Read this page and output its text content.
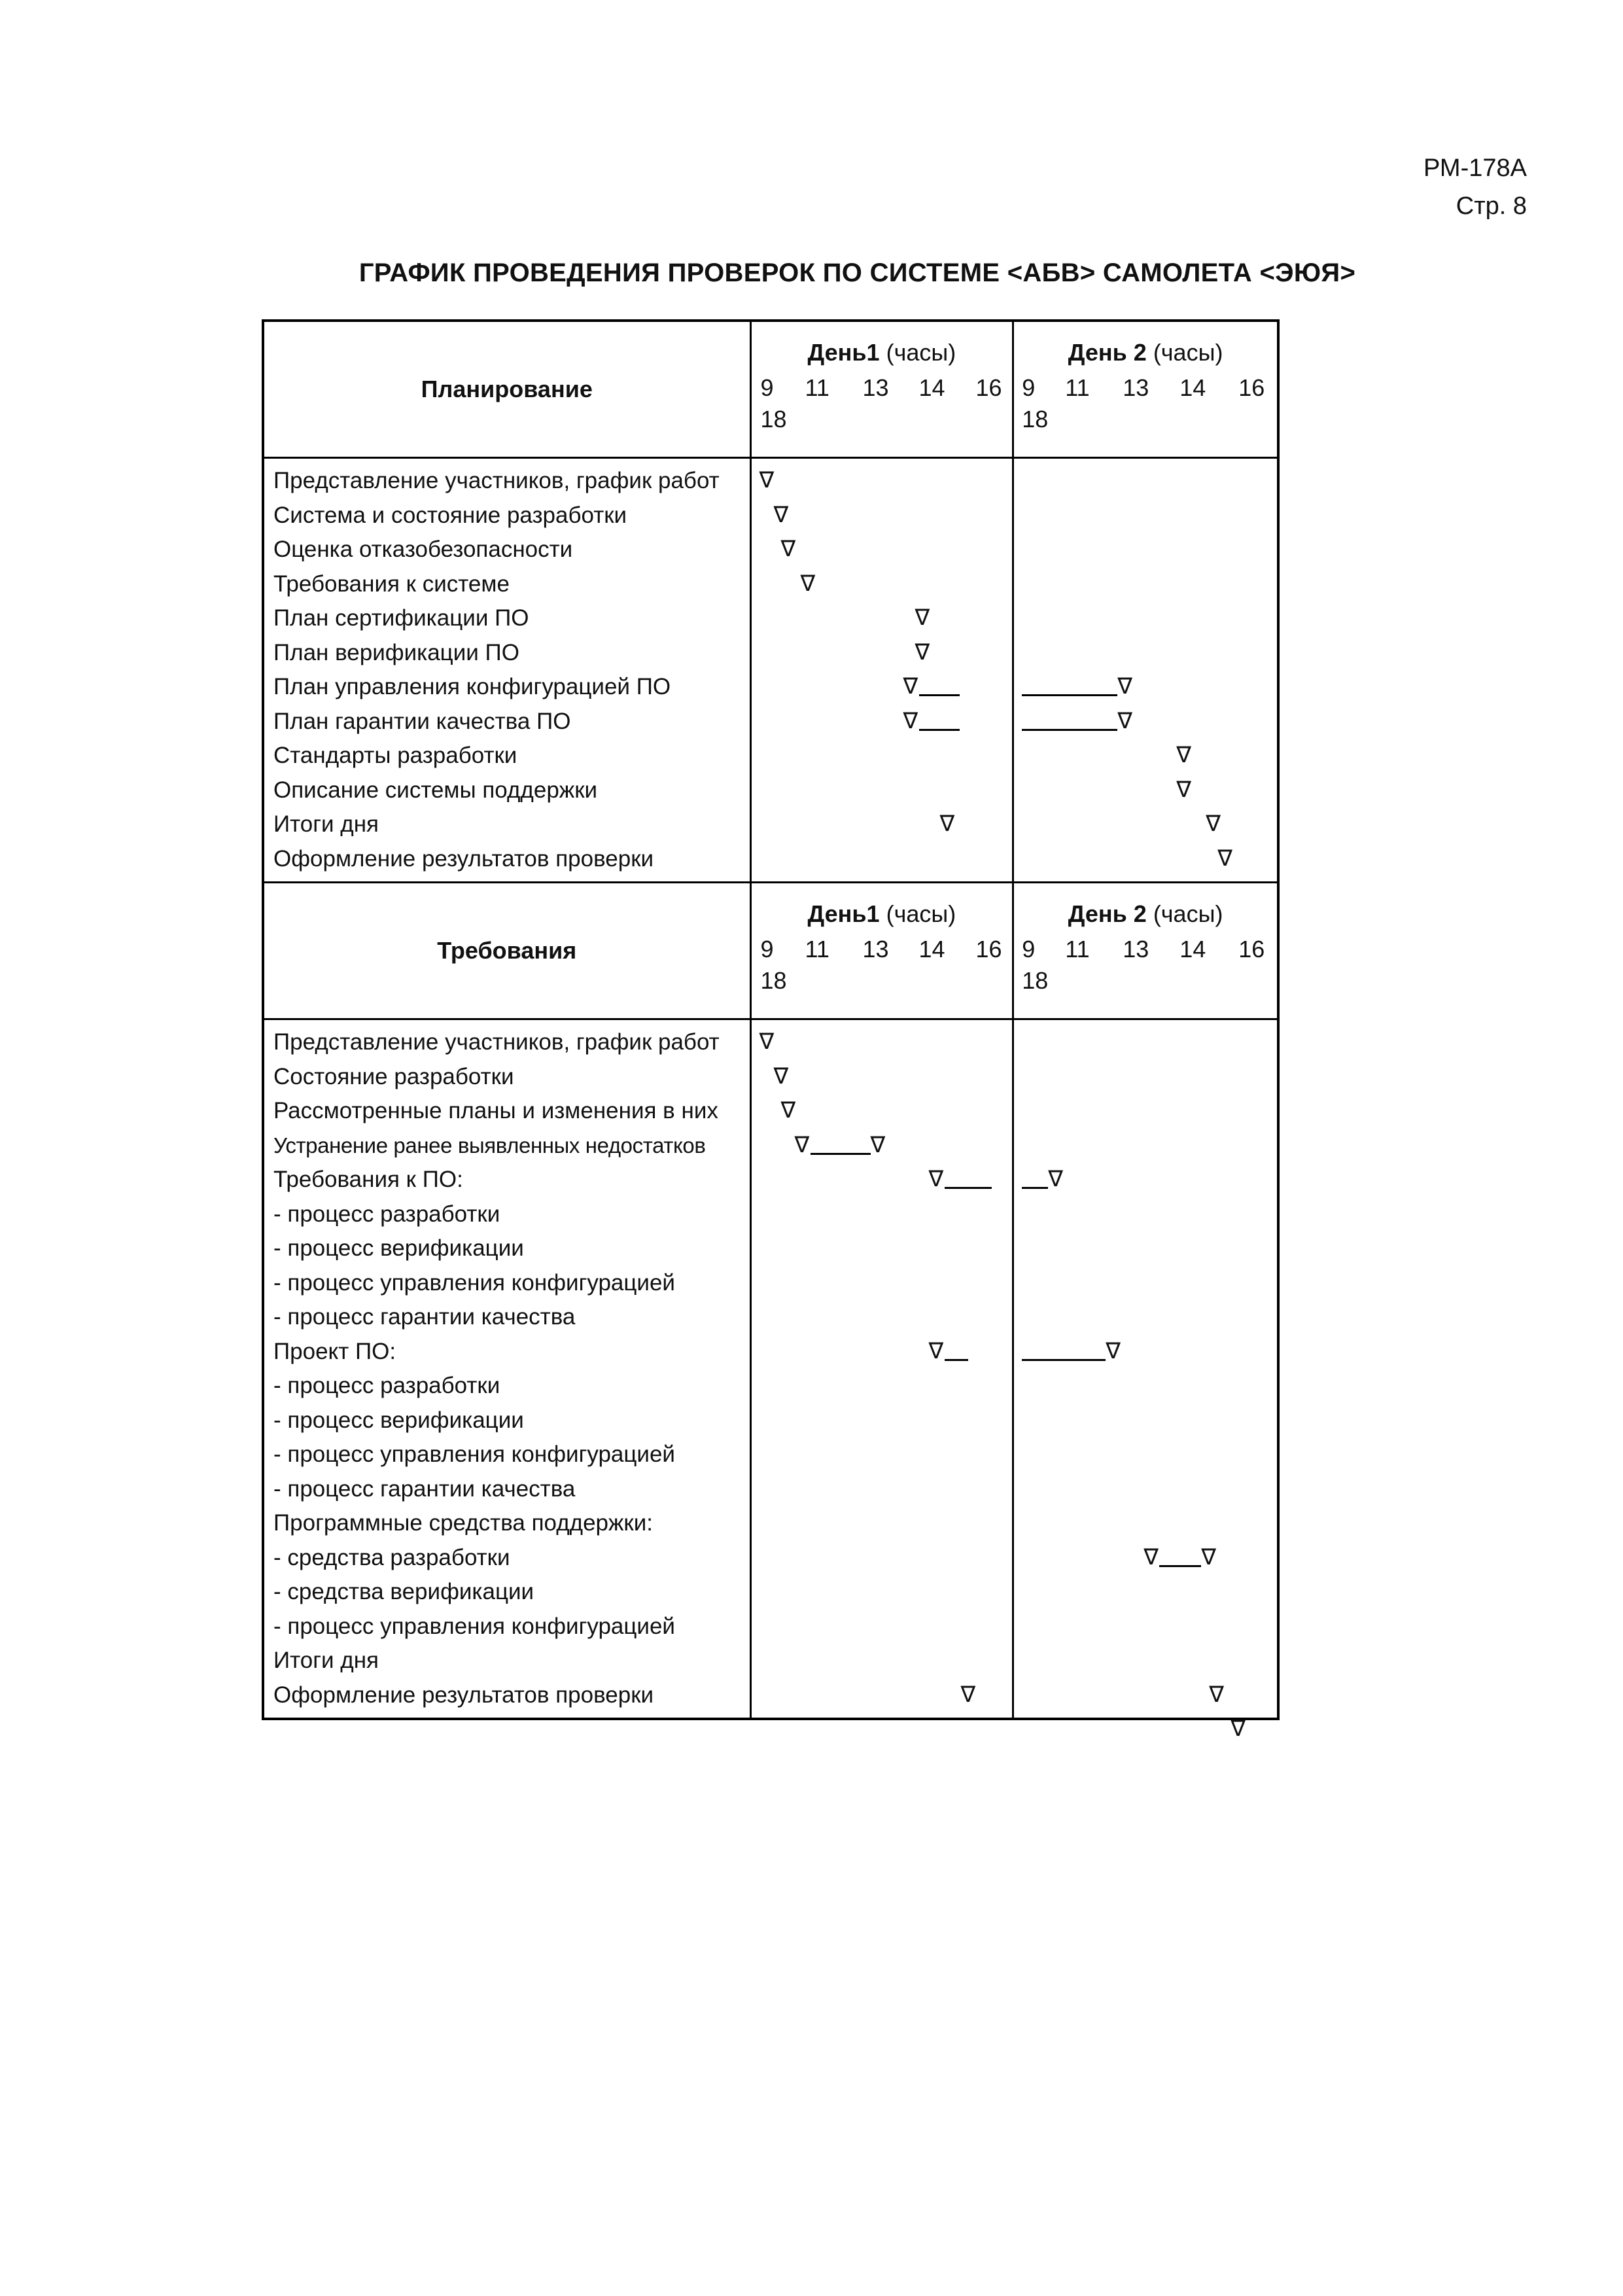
РМ-178А
Стр. 8
ГРАФИК ПРОВЕДЕНИЯ ПРОВЕРОК ПО СИСТЕМЕ <АБВ> САМОЛЕТА <ЭЮЯ>
Планирование
День1 (часы)
9 11 13 14 16
18
День 2 (часы)
9 11 13 14 16
18
Представление участников, график работ
Система и состояние разработки
Оценка отказобезопасности
Требования к системе
План сертификации ПО
План верификации ПО
План управления конфигурацией ПО
План гарантии качества ПО
Стандарты разработки
Описание системы поддержки
Итоги дня
Оформление результатов проверки
∇
∇
∇
∇
∇
∇
∇
∇
∇
∇
∇
∇
∇
∇
∇
Требования
День1 (часы)
9 11 13 14 16
18
День 2 (часы)
9 11 13 14 16
18
Представление участников, график работ
Состояние разработки
Рассмотренные планы и изменения в них
Устранение ранее выявленных недостатков
Требования к ПО:
- процесс разработки
- процесс верификации
- процесс управления конфигурацией
- процесс гарантии качества
Проект ПО:
- процесс разработки
- процесс верификации
- процесс управления конфигурацией
- процесс гарантии качества
Программные средства поддержки:
- средства разработки
- средства верификации
- процесс управления конфигурацией
Итоги дня
Оформление результатов проверки
∇
∇
∇
∇	∇
∇
∇
∇
∇
∇
∇ ∇
∇
∇
